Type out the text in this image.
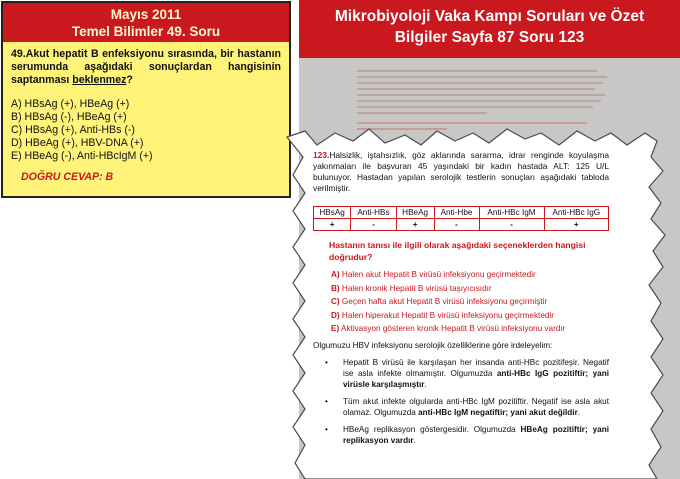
Mayıs 2011
Temel Bilimler 49. Soru
49.Akut hepatit B enfeksiyonu sırasında, bir hastanın serumunda aşağıdaki sonuçlardan hangisinin saptanması beklenmez?
A) HBsAg (+), HBeAg (+)
B) HBsAg (-), HBeAg (+)
C) HBsAg (+), Anti-HBs (-)
D) HBeAg (+), HBV-DNA (+)
E) HBeAg (-), Anti-HBcIgM (+)
DOĞRU CEVAP: B
Mikrobiyoloji Vaka Kampı Soruları ve Özet
Bilgiler Sayfa 87 Soru 123
123.Halsizlik, iştahsızlık, göz aklarında sararma, idrar renginde koyulaşma yakınmaları ile başvuran 45 yaşındaki bir kadın hastada ALT: 125 U/L bulunuyor. Hastadan yapılan serolojik testlerin sonuçları aşağıdaki tabloda verilmiştir.
HBsAg	Anti-HBs	HBeAg	Anti-Hbe	Anti-HBc IgM	Anti-HBc IgG
+	-	+	-	-	+
Hastanın tanısı ile ilgili olarak aşağıdaki seçeneklerden hangisi doğrudur?
A) Halen akut Hepatit B virüsü infeksiyonu geçirmektedir
B) Halen kronik Hepatit B virüsü taşıyıcısıdır
C) Geçen hafta akut Hepatit B virüsü infeksiyonu geçirmiştir
D) Halen hiperakut Hepatit B virüsü infeksiyonu geçirmektedir
E) Aktivasyon gösteren kronik Hepatit B virüsü infeksiyonu vardır
Olgumuzu HBV infeksiyonu serolojik özelliklerine göre irdeleyelim:
•	Hepatit B virüsü ile karşılaşan her insanda anti-HBc pozitifeşir. Negatif ise asla infekte olmamıştır. Olgumuzda anti-HBc IgG pozitiftir; yani virüsle karşılaşmıştır.
•	Tüm akut infekte olgularda anti-HBc IgM pozitiftir. Negatif ise asla akut olamaz. Olgumuzda anti-HBc IgM negatiftir; yani akut değildir.
•	HBeAg replikasyon göstergesidir. Olgumuzda HBeAg pozitiftir; yani replikasyon vardır.
